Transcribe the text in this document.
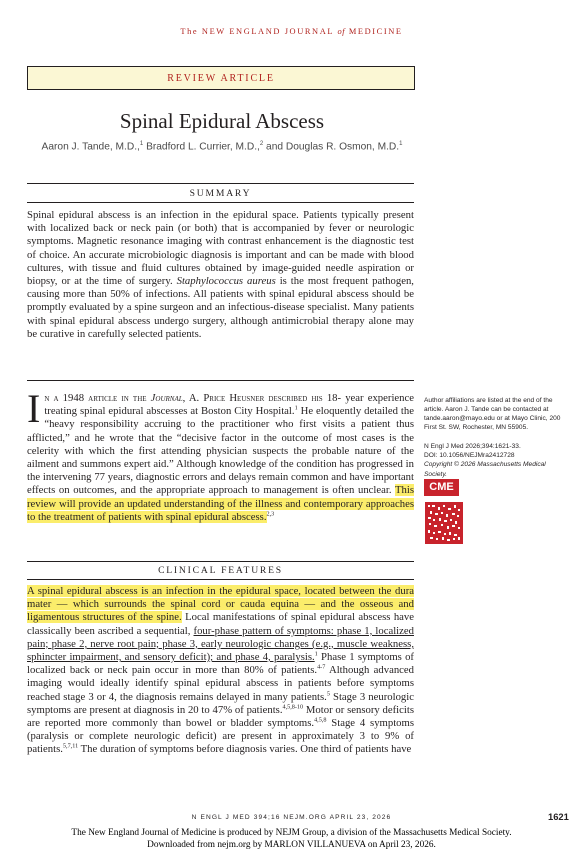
The NEW ENGLAND JOURNAL of MEDICINE
REVIEW ARTICLE
Spinal Epidural Abscess
Aaron J. Tande, M.D.,$^1$ Bradford L. Currier, M.D.,$^2$ and Douglas R. Osmon, M.D.$^1$
SUMMARY

Spinal epidural abscess is an infection in the epidural space. Patients typically present with localized back or neck pain (or both) that is accompanied by fever or neurologic symptoms. Magnetic resonance imaging with contrast enhancement is the diagnostic test of choice. An accurate microbiologic diagnosis is important and can be made with blood cultures, with tissue and fluid cultures obtained by image-guided needle aspiration or biopsy, or at the time of surgery. Staphylococcus aureus is the most frequent pathogen, causing more than 50% of infections. All patients with spinal epidural abscess should be promptly evaluated by a spine surgeon and an infectious-disease specialist. Many patients with spinal epidural abscess undergo surgery, although antimicrobial therapy alone may be curative in carefully selected patients.

In a 1948 article in the Journal, A. Price Heusner described his 18- year experience treating spinal epidural abscesses at Boston City Hospital.$^1$ He eloquently detailed the “heavy responsibility accruing to the practitioner who first visits a patient thus afflicted,” and he wrote that the “decisive factor in the outcome of most cases is the celerity with which the first attending physician suspects the probable nature of the ailment and summons expert aid.” Although knowledge of the condition has progressed in the intervening 77 years, diagnostic errors and delays remain common and have important effects on outcomes, and the appropriate approach to management is often unclear. This review will provide an updated understanding of the illness and contemporary approaches to the treatment of patients with spinal epidural abscess.$^{2,3}$

Author affiliations are listed at the end of the article. Aaron J. Tande can be contacted at tande.aaron@mayo.edu or at Mayo Clinic, 200 First St. SW, Rochester, MN 55905.
N Engl J Med 2026;394:1621-33.
DOI: 10.1056/NEJMra2412728
Copyright © 2026 Massachusetts Medical Society.
CME
CLINICAL FEATURES

A spinal epidural abscess is an infection in the epidural space, located between the dura mater — which surrounds the spinal cord or cauda equina — and the osseous and ligamentous structures of the spine. Local manifestations of spinal epidural abscess have classically been ascribed a sequential, four-phase pattern of symptoms: phase 1, localized pain; phase 2, nerve root pain; phase 3, early neurologic changes (e.g., muscle weakness, sphincter impairment, and sensory deficit); and phase 4, paralysis.$^1$ Phase 1 symptoms of localized back or neck pain occur in more than 80% of patients.$^{4-7}$ Although advanced imaging would ideally identify spinal epidural abscess in patients before symptoms reached stage 3 or 4, the diagnosis remains delayed in many patients.$^5$ Stage 3 neurologic symptoms are present at diagnosis in 20 to 47% of patients.$^{4,5,8-10}$ Motor or sensory deficits are reported more commonly than bowel or bladder symptoms.$^{4,5,8}$ Stage 4 symptoms (paralysis or complete neurologic deficit) are present in approximately 3 to 9% of patients.$^{5,7,11}$ The duration of symptoms before diagnosis varies. One third of patients have

N ENGL J MED 394;16 NEJM.ORG APRIL 23, 2026	1621
The New England Journal of Medicine is produced by NEJM Group, a division of the Massachusetts Medical Society.
Downloaded from nejm.org by MARLON VILLANUEVA on April 23, 2026.
